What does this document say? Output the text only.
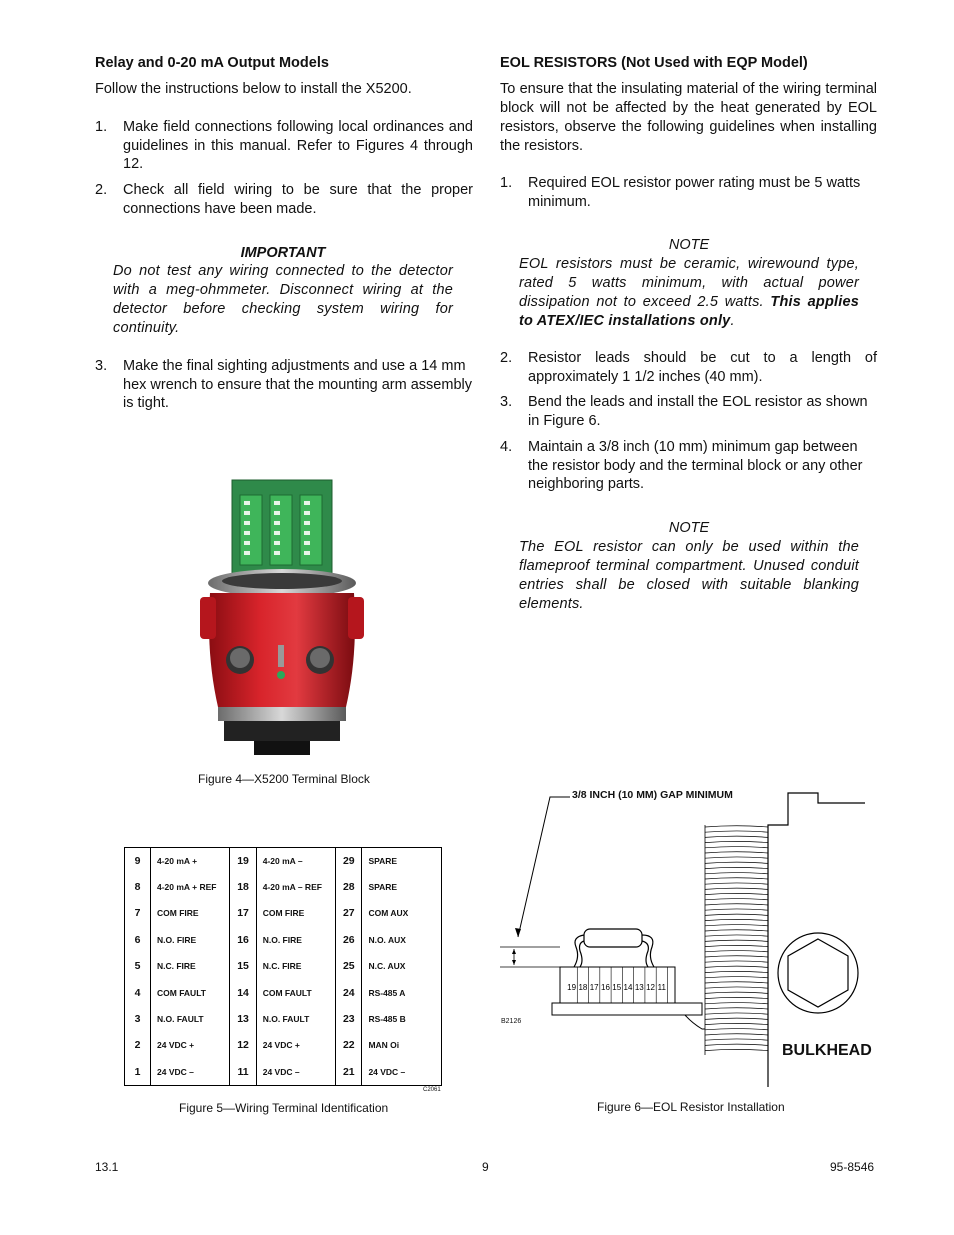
Relay and 0-20 mA Output Models
Follow the instructions below to install the X5200.
1. Make field connections following local ordinances and guidelines in this manual. Refer to Figures 4 through 12.
2. Check all field wiring to be sure that the proper connections have been made.
IMPORTANT
Do not test any wiring connected to the detector with a meg-ohmmeter. Disconnect wiring at the detector before checking system wiring for continuity.
3. Make the final sighting adjustments and use a 14 mm hex wrench to ensure that the mounting arm assembly is tight.
Figure 4—X5200 Terminal Block
9	4-20 mA +	19	4-20 mA –	29	SPARE
8	4-20 mA + REF	18	4-20 mA – REF	28	SPARE
7	COM FIRE	17	COM FIRE	27	COM AUX
6	N.O. FIRE	16	N.O. FIRE	26	N.O. AUX
5	N.C. FIRE	15	N.C. FIRE	25	N.C. AUX
4	COM FAULT	14	COM FAULT	24	RS-485 A
3	N.O. FAULT	13	N.O. FAULT	23	RS-485 B
2	24 VDC +	12	24 VDC +	22	MAN Oi
1	24 VDC –	11	24 VDC –	21	24 VDC –
C2061
Figure 5—Wiring Terminal Identification
EOL RESISTORS (Not Used with EQP Model)
To ensure that the insulating material of the wiring terminal block will not be affected by the heat generated by EOL resistors, observe the following guidelines when installing the resistors.
1. Required EOL resistor power rating must be 5 watts minimum.
NOTE
EOL resistors must be ceramic, wirewound type, rated 5 watts minimum, with actual power dissipation not to exceed 2.5 watts. This applies to ATEX/IEC installations only.
2. Resistor leads should be cut to a length of approximately 1 1/2 inches (40 mm).
3. Bend the leads and install the EOL resistor as shown in Figure 6.
4. Maintain a 3/8 inch (10 mm) minimum gap between the resistor body and the terminal block or any other neighboring parts.
NOTE
The EOL resistor can only be used within the flameproof terminal compartment. Unused conduit entries shall be closed with suitable blanking elements.
19 18 17 16 15 14 13 12 11
3/8 INCH (10 MM) GAP MINIMUM
B2126
BULKHEAD
Figure 6—EOL Resistor Installation
13.1	9	95-8546
